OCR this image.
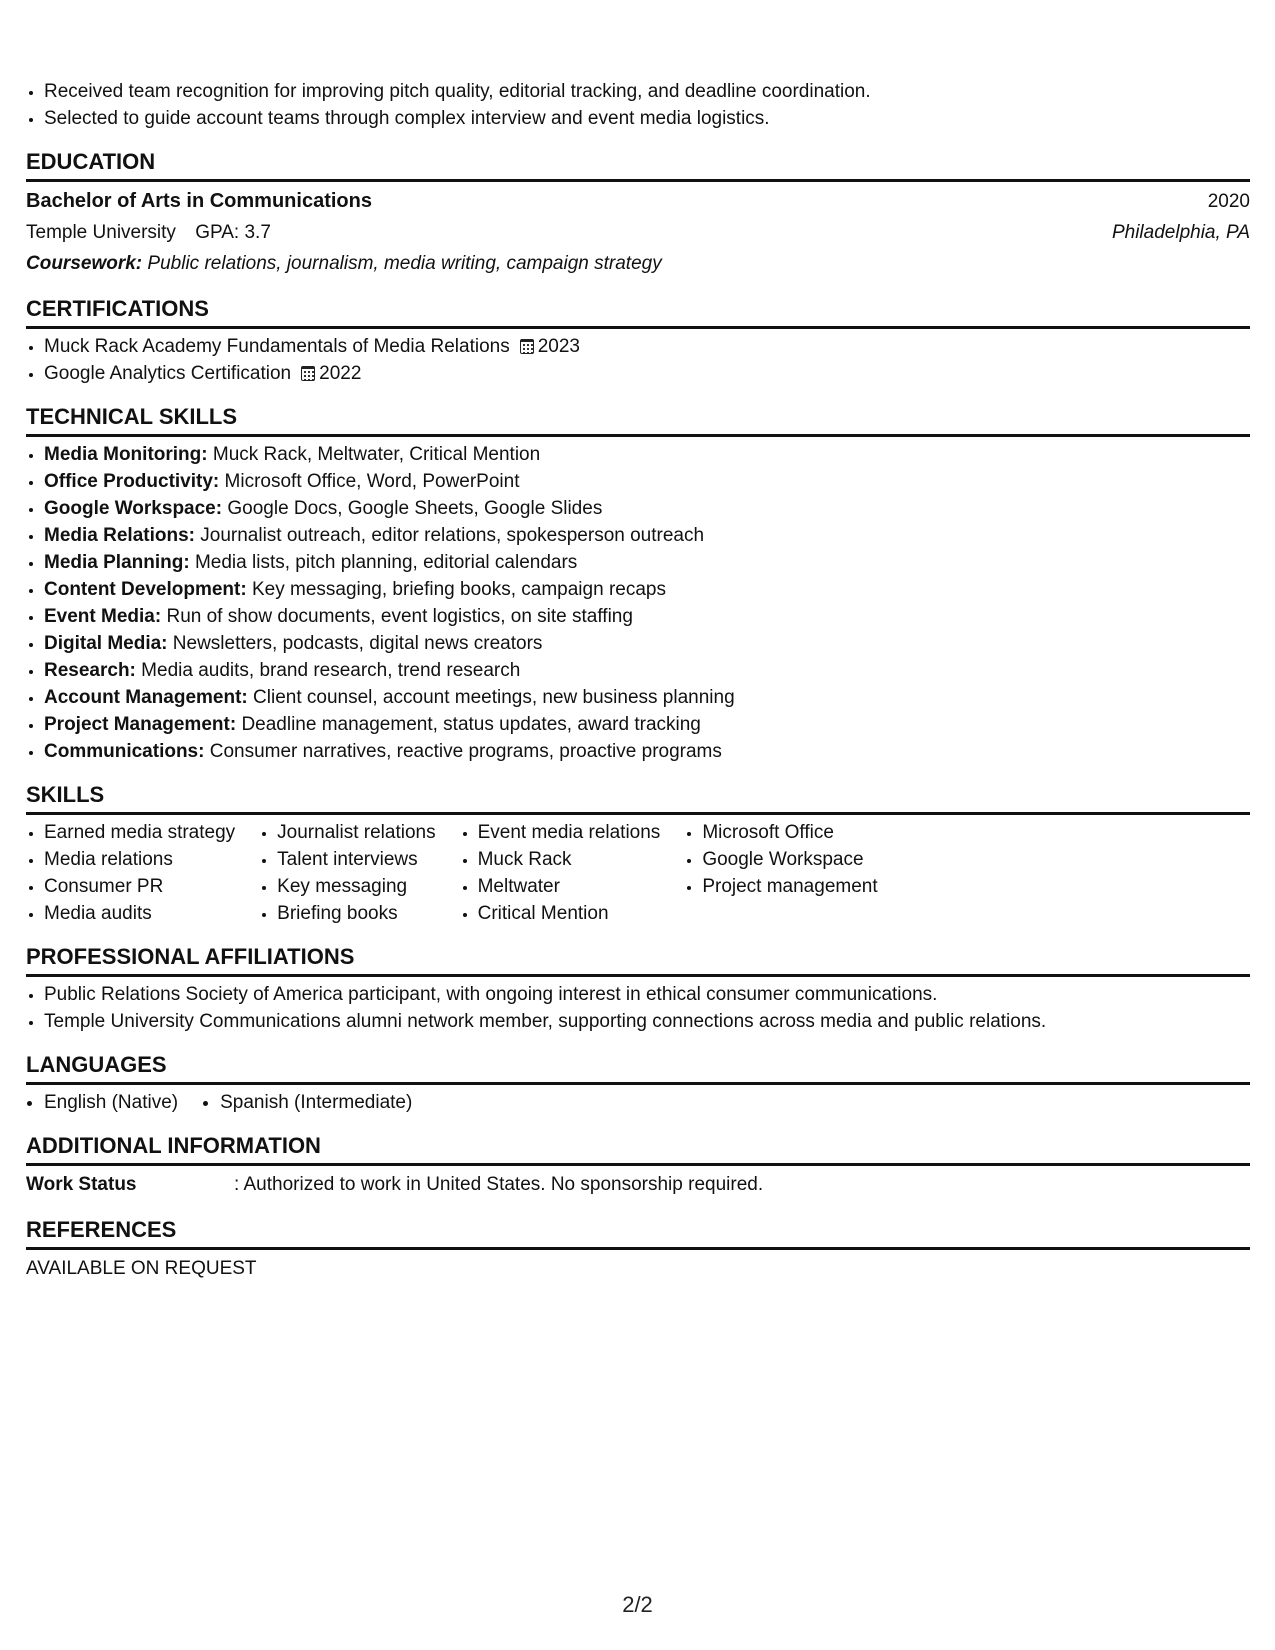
• Received team recognition for improving pitch quality, editorial tracking, and deadline coordination.
• Selected to guide account teams through complex interview and event media logistics.
EDUCATION
Bachelor of Arts in Communications	2020
Temple University GPA: 3.7	Philadelphia, PA
Coursework: Public relations, journalism, media writing, campaign strategy
CERTIFICATIONS
• Muck Rack Academy Fundamentals of Media Relations 2023
• Google Analytics Certification 2022
TECHNICAL SKILLS
• Media Monitoring: Muck Rack, Meltwater, Critical Mention
• Office Productivity: Microsoft Office, Word, PowerPoint
• Google Workspace: Google Docs, Google Sheets, Google Slides
• Media Relations: Journalist outreach, editor relations, spokesperson outreach
• Media Planning: Media lists, pitch planning, editorial calendars
• Content Development: Key messaging, briefing books, campaign recaps
• Event Media: Run of show documents, event logistics, on site staffing
• Digital Media: Newsletters, podcasts, digital news creators
• Research: Media audits, brand research, trend research
• Account Management: Client counsel, account meetings, new business planning
• Project Management: Deadline management, status updates, award tracking
• Communications: Consumer narratives, reactive programs, proactive programs
SKILLS
• Earned media strategy
• Media relations
• Consumer PR
• Media audits
• Journalist relations
• Talent interviews
• Key messaging
• Briefing books
• Event media relations
• Muck Rack
• Meltwater
• Critical Mention
• Microsoft Office
• Google Workspace
• Project management
PROFESSIONAL AFFILIATIONS
• Public Relations Society of America participant, with ongoing interest in ethical consumer communications.
• Temple University Communications alumni network member, supporting connections across media and public relations.
LANGUAGES
• English (Native)
• Spanish (Intermediate)
ADDITIONAL INFORMATION
Work Status	: Authorized to work in United States. No sponsorship required.
REFERENCES
AVAILABLE ON REQUEST
2/2
